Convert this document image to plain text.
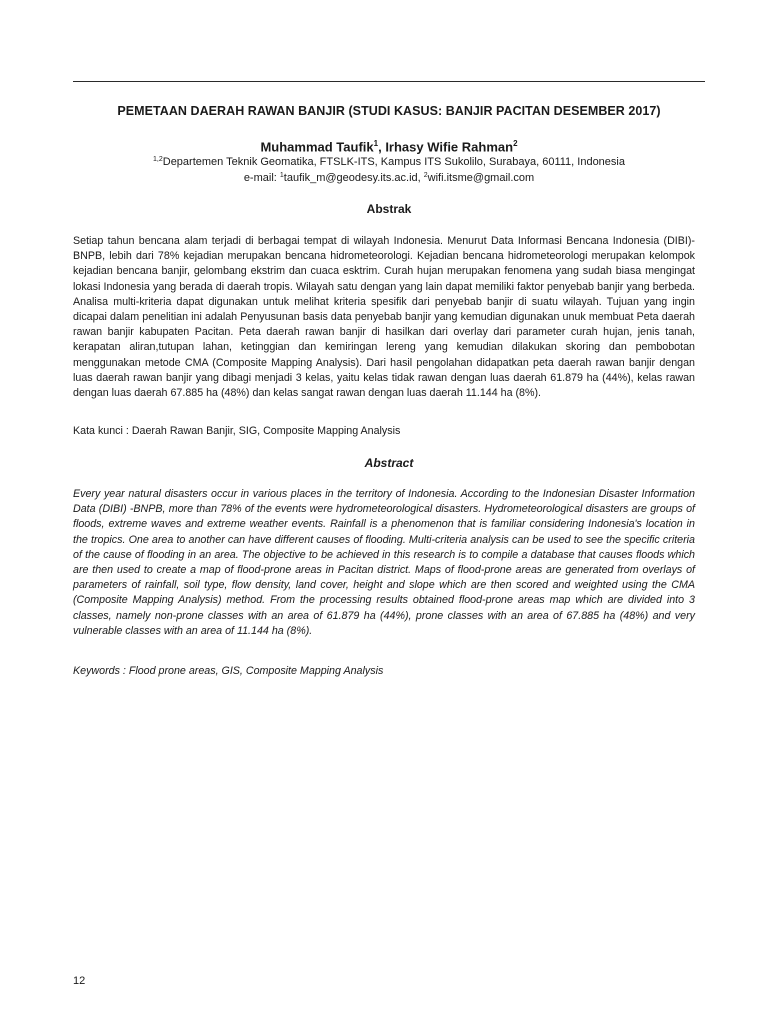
PEMETAAN DAERAH RAWAN BANJIR (STUDI KASUS: BANJIR PACITAN DESEMBER 2017)

Muhammad Taufik$^1$, Irhasy Wifie Rahman$^2$

$^{1,2}$Departemen Teknik Geomatika, FTSLK-ITS, Kampus ITS Sukolilo, Surabaya, 60111, Indonesia

e-mail: $^1$taufik_m@geodesy.its.ac.id, $^2$wifi.itsme@gmail.com

Abstrak

Setiap tahun bencana alam terjadi di berbagai tempat di wilayah Indonesia. Menurut Data Informasi Bencana Indonesia (DIBI)-BNPB, lebih dari 78% kejadian merupakan bencana hidrometeorologi. Kejadian bencana hidrometeorologi merupakan kelompok kejadian bencana banjir, gelombang ekstrim dan cuaca esktrim. Curah hujan merupakan fenomena yang sudah biasa mengingat lokasi Indonesia yang berada di daerah tropis. Wilayah satu dengan yang lain dapat memiliki faktor penyebab banjir yang berbeda. Analisa multi-kriteria dapat digunakan untuk melihat kriteria spesifik dari penyebab banjir di suatu wilayah. Tujuan yang ingin dicapai dalam penelitian ini adalah Penyusunan basis data penyebab banjir yang kemudian digunakan unuk membuat Peta daerah rawan banjir kabupaten Pacitan. Peta daerah rawan banjir di hasilkan dari overlay dari parameter curah hujan, jenis tanah, kerapatan aliran,tutupan lahan, ketinggian dan kemiringan lereng yang kemudian dilakukan skoring dan pembobotan menggunakan metode CMA (Composite Mapping Analysis). Dari hasil pengolahan didapatkan peta daerah rawan banjir dengan luas daerah rawan banjir yang dibagi menjadi 3 kelas, yaitu kelas tidak rawan dengan luas daerah 61.879 ha (44%), kelas rawan dengan luas daerah 67.885 ha (48%) dan kelas sangat rawan dengan luas daerah 11.144 ha (8%).

Kata kunci : Daerah Rawan Banjir, SIG, Composite Mapping Analysis

Abstract

Every year natural disasters occur in various places in the territory of Indonesia. According to the Indonesian Disaster Information Data (DIBI) -BNPB, more than 78% of the events were hydrometeorological disasters. Hydrometeorological disasters are groups of floods, extreme waves and extreme weather events. Rainfall is a phenomenon that is familiar considering Indonesia's location in the tropics. One area to another can have different causes of flooding. Multi-criteria analysis can be used to see the specific criteria of the cause of flooding in an area. The objective to be achieved in this research is to compile a database that causes floods which are then used to create a map of flood-prone areas in Pacitan district. Maps of flood-prone areas are generated from overlays of parameters of rainfall, soil type, flow density, land cover, height and slope which are then scored and weighted using the CMA (Composite Mapping Analysis) method. From the processing results obtained flood-prone areas map which are divided into 3 classes, namely non-prone classes with an area of 61.879 ha (44%), prone classes with an area of 67.885 ha (48%) and very vulnerable classes with an area of 11.144 ha (8%).

Keywords : Flood prone areas, GIS, Composite Mapping Analysis

12
